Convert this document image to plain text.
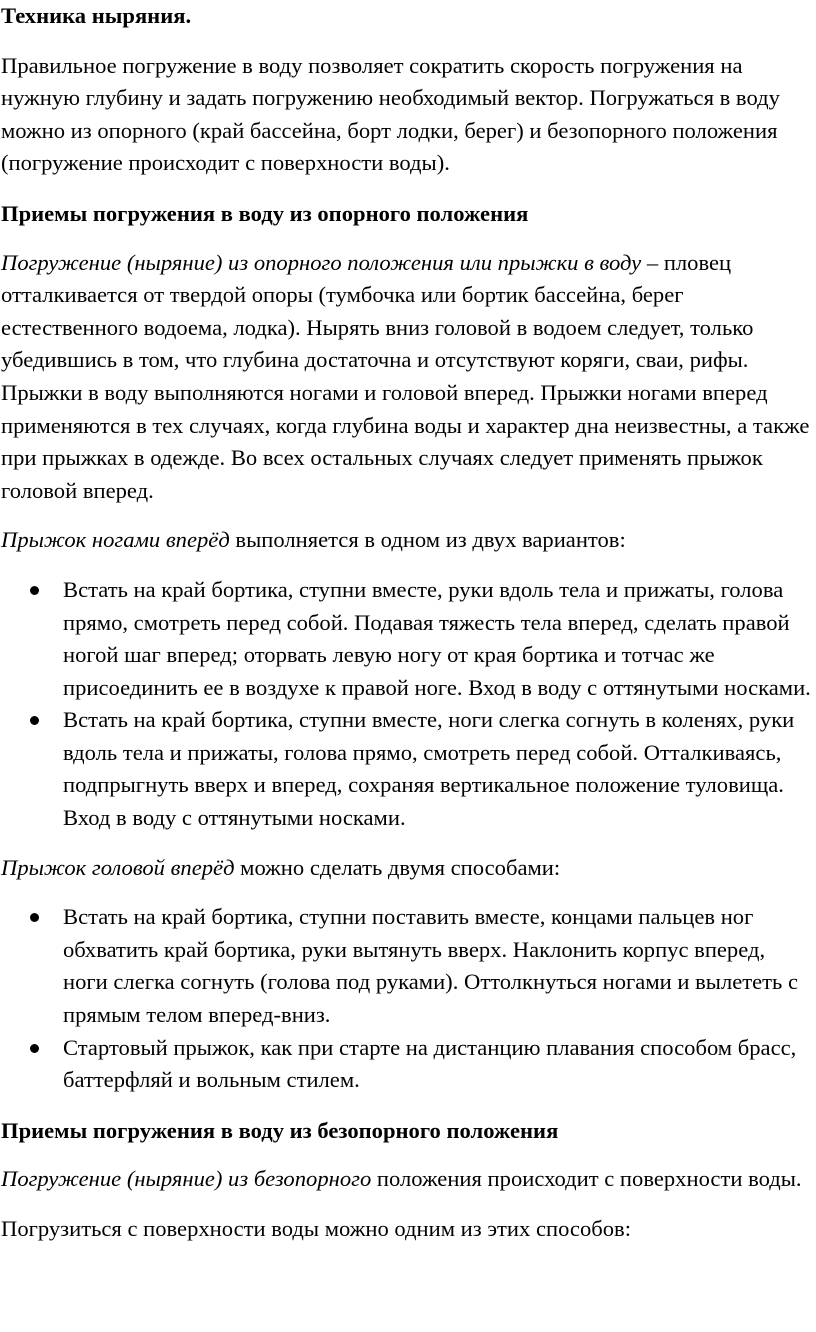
Техника ныряния.

Правильное погружение в воду позволяет сократить скорость погружения на нужную глубину и задать погружению необходимый вектор. Погружаться в воду можно из опорного (край бассейна, борт лодки, берег) и безопорного положения (погружение происходит с поверхности воды).

Приемы погружения в воду из опорного положения

Погружение (ныряние) из опорного положения или прыжки в воду – пловец отталкивается от твердой опоры (тумбочка или бортик бассейна, берег естественного водоема, лодка). Нырять вниз головой в водоем следует, только убедившись в том, что глубина достаточна и отсутствуют коряги, сваи, рифы. Прыжки в воду выполняются ногами и головой вперед. Прыжки ногами вперед применяются в тех случаях, когда глубина воды и характер дна неизвестны, а также при прыжках в одежде. Во всех остальных случаях следует применять прыжок головой вперед.

Прыжок ногами вперёд выполняется в одном из двух вариантов:

Встать на край бортика, ступни вместе, руки вдоль тела и прижаты, голова прямо, смотреть перед собой. Подавая тяжесть тела вперед, сделать правой ногой шаг вперед; оторвать левую ногу от края бортика и тотчас же присоединить ее в воздухе к правой ноге. Вход в воду с оттянутыми носками.
Встать на край бортика, ступни вместе, ноги слегка согнуть в коленях, руки вдоль тела и прижаты, голова прямо, смотреть перед собой. Отталкиваясь, подпрыгнуть вверх и вперед, сохраняя вертикальное положение туловища. Вход в воду с оттянутыми носками.

Прыжок головой вперёд можно сделать двумя способами:

Встать на край бортика, ступни поставить вместе, концами пальцев ног обхватить край бортика, руки вытянуть вверх. Наклонить корпус вперед, ноги слегка согнуть (голова под руками). Оттолкнуться ногами и вылететь с прямым телом вперед-вниз.
Стартовый прыжок, как при старте на дистанцию плавания способом брасс, баттерфляй и вольным стилем.

Приемы погружения в воду из безопорного положения

Погружение (ныряние) из безопорного положения происходит с поверхности воды.

Погрузиться с поверхности воды можно одним из этих способов:
